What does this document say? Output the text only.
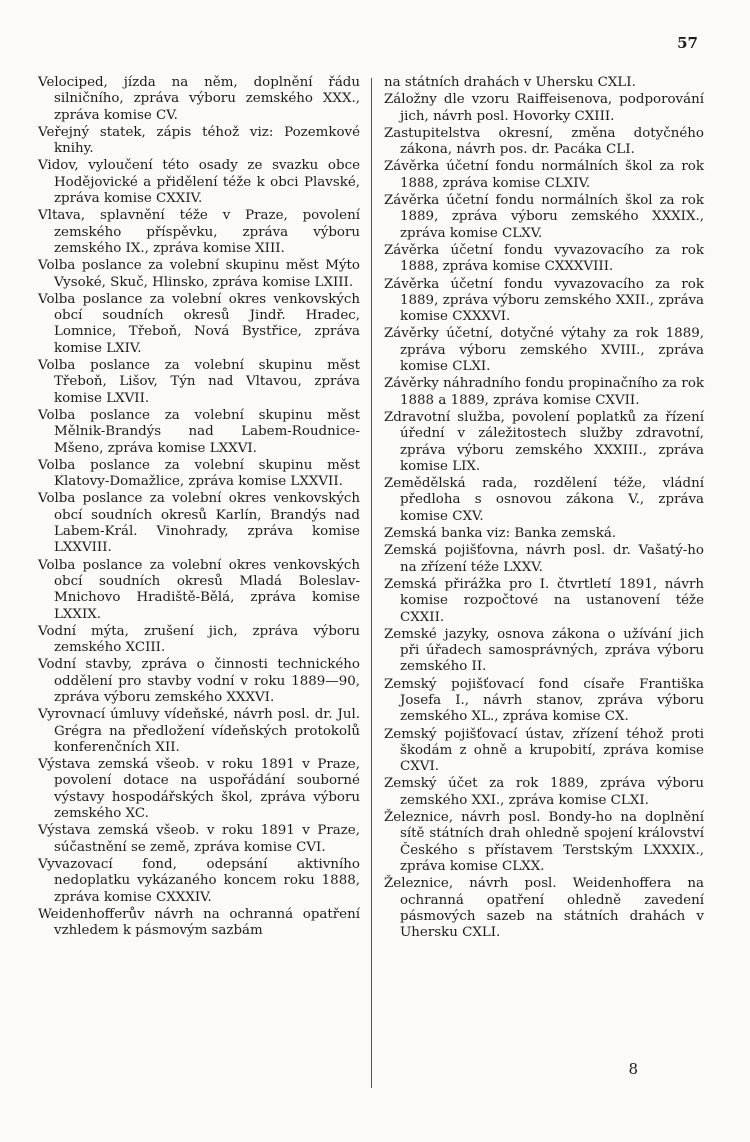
57

Velociped, jízda na něm, doplnění řádu silničního, zpráva výboru zemského XXX., zpráva komise CV.

Veřejný statek, zápis téhož viz: Pozemkové knihy.

Vidov, vyloučení této osady ze svazku obce Hodějovické a přidělení téže k obci Plavské, zpráva komise CXXIV.

Vltava, splavnění téže v Praze, povolení zemského příspěvku, zpráva výboru zemského IX., zpráva komise XIII.

Volba poslance za volební skupinu měst Mýto Vysoké, Skuč, Hlinsko, zpráva komise LXIII.

Volba poslance za volební okres venkovských obcí soudních okresů Jindř. Hradec, Lomnice, Třeboň, Nová Bystřice, zpráva komise LXIV.

Volba poslance za volební skupinu měst Třeboň, Lišov, Týn nad Vltavou, zpráva komise LXVII.

Volba poslance za volební skupinu měst Mělnik-Brandýs nad Labem-Roudnice-Mšeno, zpráva komise LXXVI.

Volba poslance za volební skupinu měst Klatovy-Domažlice, zpráva komise LXXVII.

Volba poslance za volební okres venkovských obcí soudních okresů Karlín, Brandýs nad Labem-Král. Vinohrady, zpráva komise LXXVIII.

Volba poslance za volební okres venkovských obcí soudních okresů Mladá Boleslav-Mnichovo Hradiště-Bělá, zpráva komise LXXIX.

Vodní mýta, zrušení jich, zpráva výboru zemského XCIII.

Vodní stavby, zpráva o činnosti technického oddělení pro stavby vodní v roku 1889—90, zpráva výboru zemského XXXVI.

Vyrovnací úmluvy vídeňské, návrh posl. dr. Jul. Grégra na předložení vídeňských protokolů konferenčních XII.

Výstava zemská všeob. v roku 1891 v Praze, povolení dotace na uspořádání souborné výstavy hospodářských škol, zpráva výboru zemského XC.

Výstava zemská všeob. v roku 1891 v Praze, súčastnění se země, zpráva komise CVI.

Vyvazovací fond, odepsání aktivního nedoplatku vykázaného koncem roku 1888, zpráva komise CXXXIV.

Weidenhofferův návrh na ochranná opatření vzhledem k pásmovým sazbám

na státních drahách v Uhersku CXLI.

Záložny dle vzoru Raiffeisenova, podporování jich, návrh posl. Hovorky CXIII.

Zastupitelstva okresní, změna dotyčného zákona, návrh pos. dr. Pacáka CLI.

Závěrka účetní fondu normálních škol za rok 1888, zpráva komise CLXIV.

Závěrka účetní fondu normálních škol za rok 1889, zpráva výboru zemského XXXIX., zpráva komise CLXV.

Závěrka účetní fondu vyvazovacího za rok 1888, zpráva komise CXXXVIII.

Závěrka účetní fondu vyvazovacího za rok 1889, zpráva výboru zemského XXII., zpráva komise CXXXVI.

Závěrky účetní, dotyčné výtahy za rok 1889, zpráva výboru zemského XVIII., zpráva komise CLXI.

Závěrky náhradního fondu propinačního za rok 1888 a 1889, zpráva komise CXVII.

Zdravotní služba, povolení poplatků za řízení úřední v záležitostech služby zdravotní, zpráva výboru zemského XXXIII., zpráva komise LIX.

Zemědělská rada, rozdělení téže, vládní předloha s osnovou zákona V., zpráva komise CXV.

Zemská banka viz: Banka zemská.

Zemská pojišťovna, návrh posl. dr. Vašatý-ho na zřízení téže LXXV.

Zemská přirážka pro I. čtvrtletí 1891, návrh komise rozpočtové na ustanovení téže CXXII.

Zemské jazyky, osnova zákona o užívání jich při úřadech samosprávných, zpráva výboru zemského II.

Zemský pojišťovací fond císaře Františka Josefa I., návrh stanov, zpráva výboru zemského XL., zpráva komise CX.

Zemský pojišťovací ústav, zřízení téhož proti škodám z ohně a krupobití, zpráva komise CXVI.

Zemský účet za rok 1889, zpráva výboru zemského XXI., zpráva komise CLXI.

Železnice, návrh posl. Bondy-ho na doplnění sítě státních drah ohledně spojení království Českého s přístavem Terstským LXXXIX., zpráva komise CLXX.

Železnice, návrh posl. Weidenhoffera na ochranná opatření ohledně zavedení pásmových sazeb na státních drahách v Uhersku CXLI.

8
